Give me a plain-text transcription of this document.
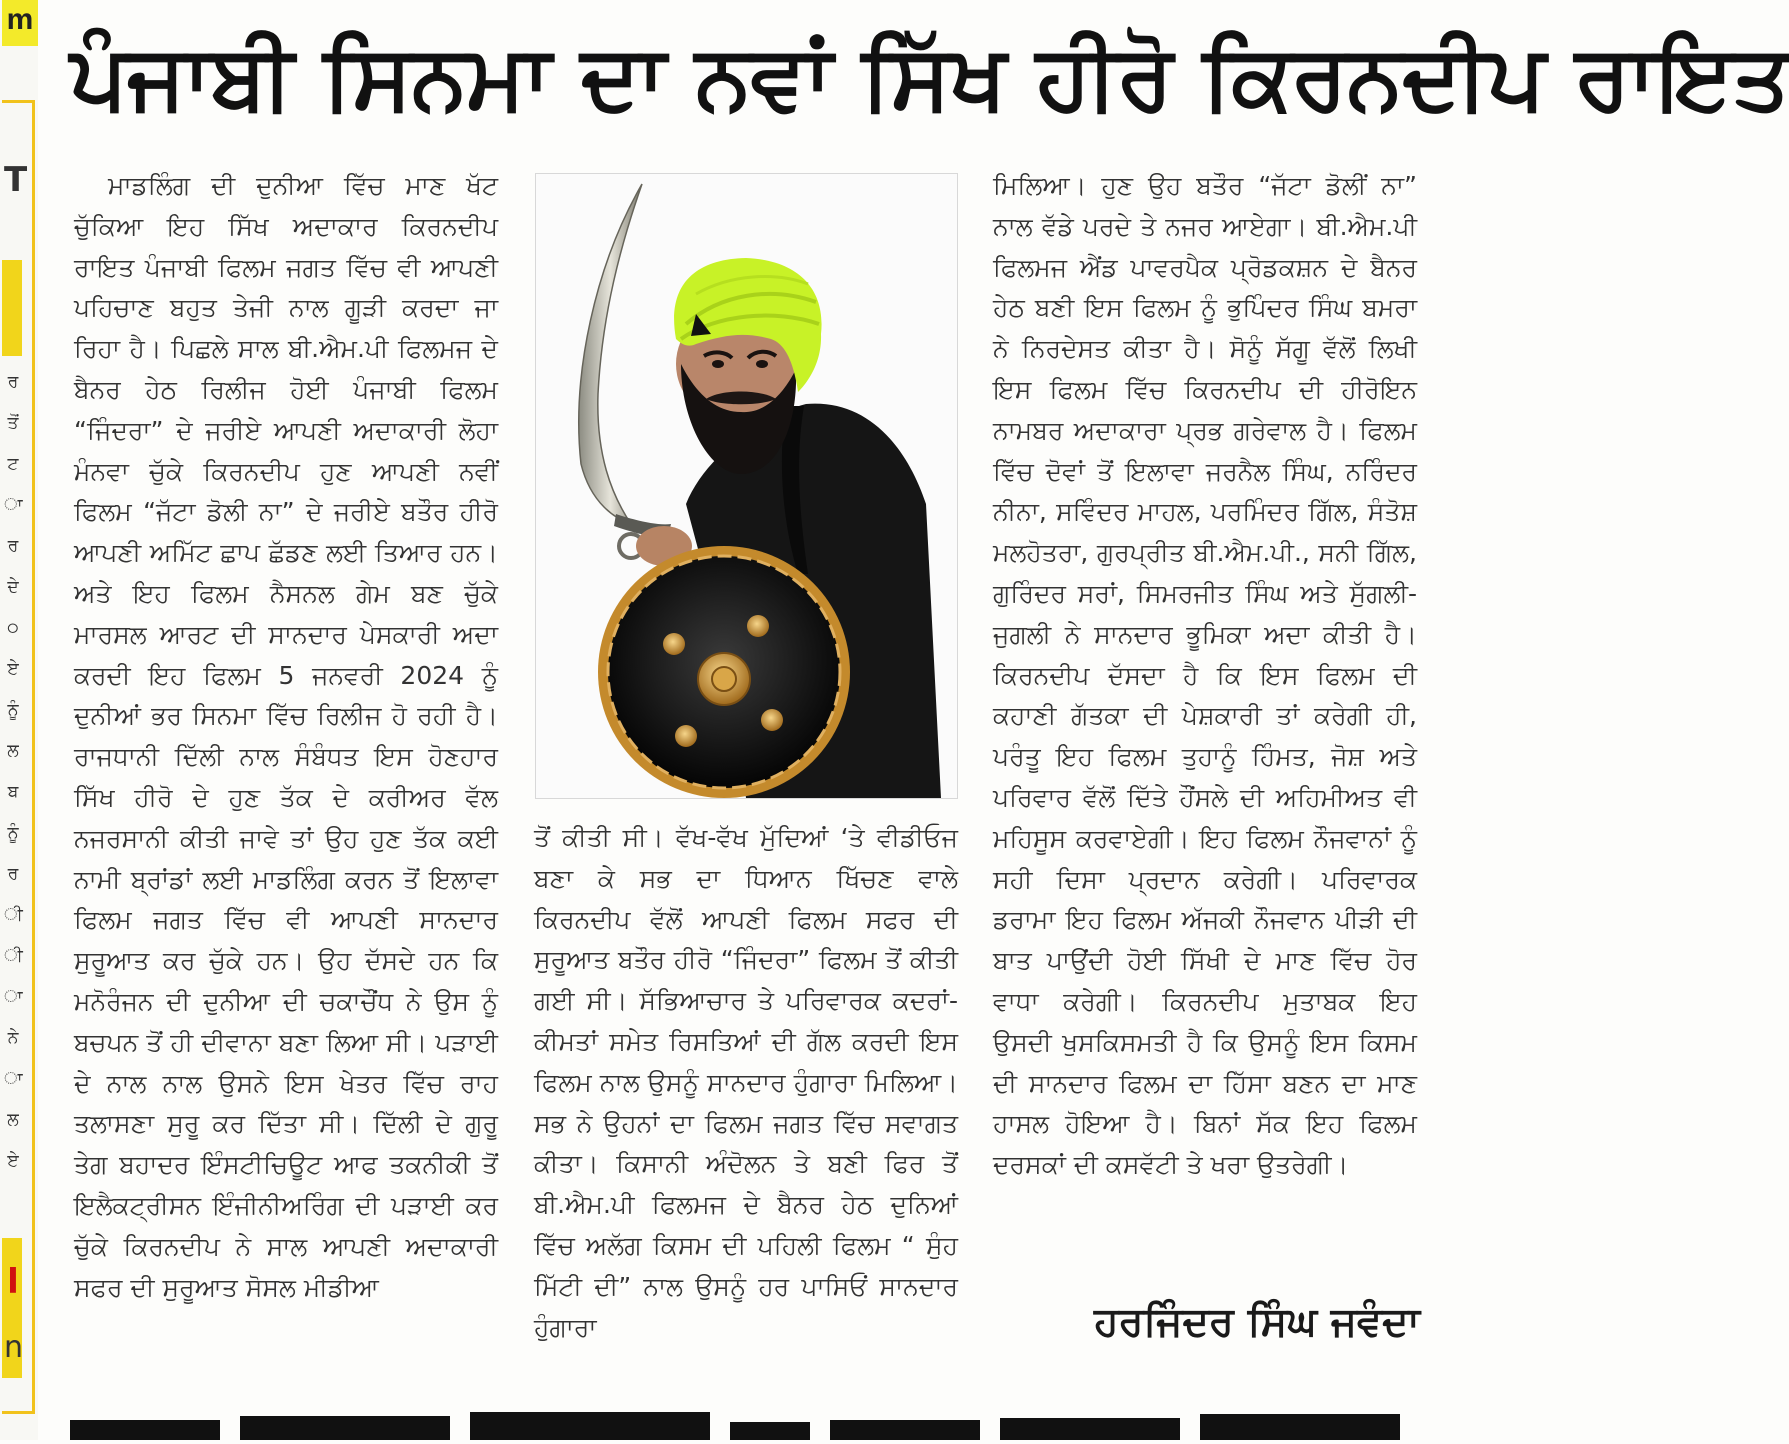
m
T
ਰ
ਤੋਂ
ਟ
ਾ
ਰ
ਦੇ
੦
ਏ
ਨੂੰ
ਲ
ਬ
ਨੂੰ
ਰ
ੀ
ੀ
ਾ
ਨੇ
ਾ
ਲ
ਏ
l
n
ਪੰਜਾਬੀ ਸਿਨਮਾ ਦਾ ਨਵਾਂ ਸਿੱਖ ਹੀਰੋ ਕਿਰਨਦੀਪ ਰਾਇਤ

ਮਾਡਲਿੰਗ ਦੀ ਦੁਨੀਆ ਵਿੱਚ ਮਾਣ ਖੱਟ ਚੁੱਕਿਆ ਇਹ ਸਿੱਖ ਅਦਾਕਾਰ ਕਿਰਨਦੀਪ ਰਾਇਤ ਪੰਜਾਬੀ ਫਿਲਮ ਜਗਤ ਵਿੱਚ ਵੀ ਆਪਣੀ ਪਹਿਚਾਣ ਬਹੁਤ ਤੇਜੀ ਨਾਲ ਗੂੜੀ ਕਰਦਾ ਜਾ ਰਿਹਾ ਹੈ। ਪਿਛਲੇ ਸਾਲ ਬੀ.ਐਮ.ਪੀ ਫਿਲਮਜ ਦੇ ਬੈਨਰ ਹੇਠ ਰਿਲੀਜ ਹੋਈ ਪੰਜਾਬੀ ਫਿਲਮ “ਜਿੰਦਰਾ” ਦੇ ਜਰੀਏ ਆਪਣੀ ਅਦਾਕਾਰੀ ਲੋਹਾ ਮੰਨਵਾ ਚੁੱਕੇ ਕਿਰਨਦੀਪ ਹੁਣ ਆਪਣੀ ਨਵੀਂ ਫਿਲਮ “ਜੱਟਾ ਡੋਲੀ ਨਾ” ਦੇ ਜਰੀਏ ਬਤੌਰ ਹੀਰੋ ਆਪਣੀ ਅਮਿੱਟ ਛਾਪ ਛੱਡਣ ਲਈ ਤਿਆਰ ਹਨ। ਅਤੇ ਇਹ ਫਿਲਮ ਨੈਸਨਲ ਗੇਮ ਬਣ ਚੁੱਕੇ ਮਾਰਸਲ ਆਰਟ ਦੀ ਸਾਨਦਾਰ ਪੇਸਕਾਰੀ ਅਦਾ ਕਰਦੀ ਇਹ ਫਿਲਮ 5 ਜਨਵਰੀ 2024 ਨੂੰ ਦੁਨੀਆਂ ਭਰ ਸਿਨਮਾ ਵਿੱਚ ਰਿਲੀਜ ਹੋ ਰਹੀ ਹੈ। ਰਾਜਧਾਨੀ ਦਿੱਲੀ ਨਾਲ ਸੰਬੰਧਤ ਇਸ ਹੋਣਹਾਰ ਸਿੱਖ ਹੀਰੋ ਦੇ ਹੁਣ ਤੱਕ ਦੇ ਕਰੀਅਰ ਵੱਲ ਨਜਰਸਾਨੀ ਕੀਤੀ ਜਾਵੇ ਤਾਂ ਉਹ ਹੁਣ ਤੱਕ ਕਈ ਨਾਮੀ ਬ੍ਰਾਂਡਾਂ ਲਈ ਮਾਡਲਿੰਗ ਕਰਨ ਤੋਂ ਇਲਾਵਾ ਫਿਲਮ ਜਗਤ ਵਿੱਚ ਵੀ ਆਪਣੀ ਸਾਨਦਾਰ ਸੁਰੂਆਤ ਕਰ ਚੁੱਕੇ ਹਨ। ਉਹ ਦੱਸਦੇ ਹਨ ਕਿ ਮਨੋਰੰਜਨ ਦੀ ਦੁਨੀਆ ਦੀ ਚਕਾਚੌਂਧ ਨੇ ਉਸ ਨੂੰ ਬਚਪਨ ਤੋਂ ਹੀ ਦੀਵਾਨਾ ਬਣਾ ਲਿਆ ਸੀ। ਪੜਾਈ ਦੇ ਨਾਲ ਨਾਲ ਉਸਨੇ ਇਸ ਖੇਤਰ ਵਿੱਚ ਰਾਹ ਤਲਾਸਣਾ ਸੁਰੂ ਕਰ ਦਿੱਤਾ ਸੀ। ਦਿੱਲੀ ਦੇ ਗੁਰੂ ਤੇਗ ਬਹਾਦਰ ਇੰਸਟੀਚਿਊਟ ਆਫ ਤਕਨੀਕੀ ਤੋਂ ਇਲੈਕਟ੍ਰੀਸਨ ਇੰਜੀਨੀਅਰਿੰਗ ਦੀ ਪੜਾਈ ਕਰ ਚੁੱਕੇ ਕਿਰਨਦੀਪ ਨੇ ਸਾਲ ਆਪਣੀ ਅਦਾਕਾਰੀ ਸਫਰ ਦੀ ਸੁਰੂਆਤ ਸੋਸਲ ਮੀਡੀਆ

ਤੋਂ ਕੀਤੀ ਸੀ। ਵੱਖ-ਵੱਖ ਮੁੱਦਿਆਂ ‘ਤੇ ਵੀਡੀਓਜ ਬਣਾ ਕੇ ਸਭ ਦਾ ਧਿਆਨ ਖਿੱਚਣ ਵਾਲੇ ਕਿਰਨਦੀਪ ਵੱਲੋਂ ਆਪਣੀ ਫਿਲਮ ਸਫਰ ਦੀ ਸੁਰੂਆਤ ਬਤੌਰ ਹੀਰੋ “ਜਿੰਦਰਾ” ਫਿਲਮ ਤੋਂ ਕੀਤੀ ਗਈ ਸੀ। ਸੱਭਿਆਚਾਰ ਤੇ ਪਰਿਵਾਰਕ ਕਦਰਾਂ-ਕੀਮਤਾਂ ਸਮੇਤ ਰਿਸਤਿਆਂ ਦੀ ਗੱਲ ਕਰਦੀ ਇਸ ਫਿਲਮ ਨਾਲ ਉਸਨੂੰ ਸਾਨਦਾਰ ਹੁੰਗਾਰਾ ਮਿਲਿਆ। ਸਭ ਨੇ ਉਹਨਾਂ ਦਾ ਫਿਲਮ ਜਗਤ ਵਿੱਚ ਸਵਾਗਤ ਕੀਤਾ। ਕਿਸਾਨੀ ਅੰਦੋਲਨ ਤੇ ਬਣੀ ਫਿਰ ਤੋਂ ਬੀ.ਐਮ.ਪੀ ਫਿਲਮਜ ਦੇ ਬੈਨਰ ਹੇਠ ਦੁਨਿਆਂ ਵਿੱਚ ਅਲੱਗ ਕਿਸਮ ਦੀ ਪਹਿਲੀ ਫਿਲਮ “ ਸੁੰਹ ਮਿੱਟੀ ਦੀ” ਨਾਲ ਉਸਨੂੰ ਹਰ ਪਾਸਿਓਂ ਸਾਨਦਾਰ ਹੁੰਗਾਰਾ

ਮਿਲਿਆ। ਹੁਣ ਉਹ ਬਤੌਰ “ਜੱਟਾ ਡੋਲੀਂ ਨਾ” ਨਾਲ ਵੱਡੇ ਪਰਦੇ ਤੇ ਨਜਰ ਆਏਗਾ। ਬੀ.ਐਮ.ਪੀ ਫਿਲਮਜ ਐਂਡ ਪਾਵਰਪੈਕ ਪ੍ਰੋਡਕਸ਼ਨ ਦੇ ਬੈਨਰ ਹੇਠ ਬਣੀ ਇਸ ਫਿਲਮ ਨੂੰ ਭੁਪਿੰਦਰ ਸਿੰਘ ਬਮਰਾ ਨੇ ਨਿਰਦੇਸਤ ਕੀਤਾ ਹੈ। ਸੋਨੂੰ ਸੱਗੂ ਵੱਲੋਂ ਲਿਖੀ ਇਸ ਫਿਲਮ ਵਿੱਚ ਕਿਰਨਦੀਪ ਦੀ ਹੀਰੋਇਨ ਨਾਮਬਰ ਅਦਾਕਾਰਾ ਪ੍ਰਭ ਗਰੇਵਾਲ ਹੈ। ਫਿਲਮ ਵਿੱਚ ਦੋਵਾਂ ਤੋਂ ਇਲਾਵਾ ਜਰਨੈਲ ਸਿੰਘ, ਨਰਿੰਦਰ ਨੀਨਾ, ਸਵਿੰਦਰ ਮਾਹਲ, ਪਰਮਿੰਦਰ ਗਿੱਲ, ਸੰਤੋਸ਼ ਮਲਹੋਤਰਾ, ਗੁਰਪ੍ਰੀਤ ਬੀ.ਐਮ.ਪੀ., ਸਨੀ ਗਿੱਲ, ਗੁਰਿੰਦਰ ਸਰਾਂ, ਸਿਮਰਜੀਤ ਸਿੰਘ ਅਤੇ ਸੁੱਗਲੀ-ਜੁਗਲੀ ਨੇ ਸਾਨਦਾਰ ਭੂਮਿਕਾ ਅਦਾ ਕੀਤੀ ਹੈ। ਕਿਰਨਦੀਪ ਦੱਸਦਾ ਹੈ ਕਿ ਇਸ ਫਿਲਮ ਦੀ ਕਹਾਣੀ ਗੱਤਕਾ ਦੀ ਪੇਸ਼ਕਾਰੀ ਤਾਂ ਕਰੇਗੀ ਹੀ, ਪਰੰਤੂ ਇਹ ਫਿਲਮ ਤੁਹਾਨੂੰ ਹਿੰਮਤ, ਜੋਸ਼ ਅਤੇ ਪਰਿਵਾਰ ਵੱਲੋਂ ਦਿੱਤੇ ਹੌਂਸਲੇ ਦੀ ਅਹਿਮੀਅਤ ਵੀ ਮਹਿਸੂਸ ਕਰਵਾਏਗੀ। ਇਹ ਫਿਲਮ ਨੌਜਵਾਨਾਂ ਨੂੰ ਸਹੀ ਦਿਸਾ ਪ੍ਰਦਾਨ ਕਰੇਗੀ। ਪਰਿਵਾਰਕ ਡਰਾਮਾ ਇਹ ਫਿਲਮ ਅੱਜਕੀ ਨੌਜਵਾਨ ਪੀੜੀ ਦੀ ਬਾਤ ਪਾਉਂਦੀ ਹੋਈ ਸਿੱਖੀ ਦੇ ਮਾਣ ਵਿੱਚ ਹੋਰ ਵਾਧਾ ਕਰੇਗੀ। ਕਿਰਨਦੀਪ ਮੁਤਾਬਕ ਇਹ ਉਸਦੀ ਖੁਸਕਿਸਮਤੀ ਹੈ ਕਿ ਉਸਨੂੰ ਇਸ ਕਿਸਮ ਦੀ ਸਾਨਦਾਰ ਫਿਲਮ ਦਾ ਹਿੱਸਾ ਬਣਨ ਦਾ ਮਾਣ ਹਾਸਲ ਹੋਇਆ ਹੈ। ਬਿਨਾਂ ਸੱਕ ਇਹ ਫਿਲਮ ਦਰਸਕਾਂ ਦੀ ਕਸਵੱਟੀ ਤੇ ਖਰਾ ਉਤਰੇਗੀ।

ਹਰਜਿੰਦਰ ਸਿੰਘ ਜਵੰਦਾ
